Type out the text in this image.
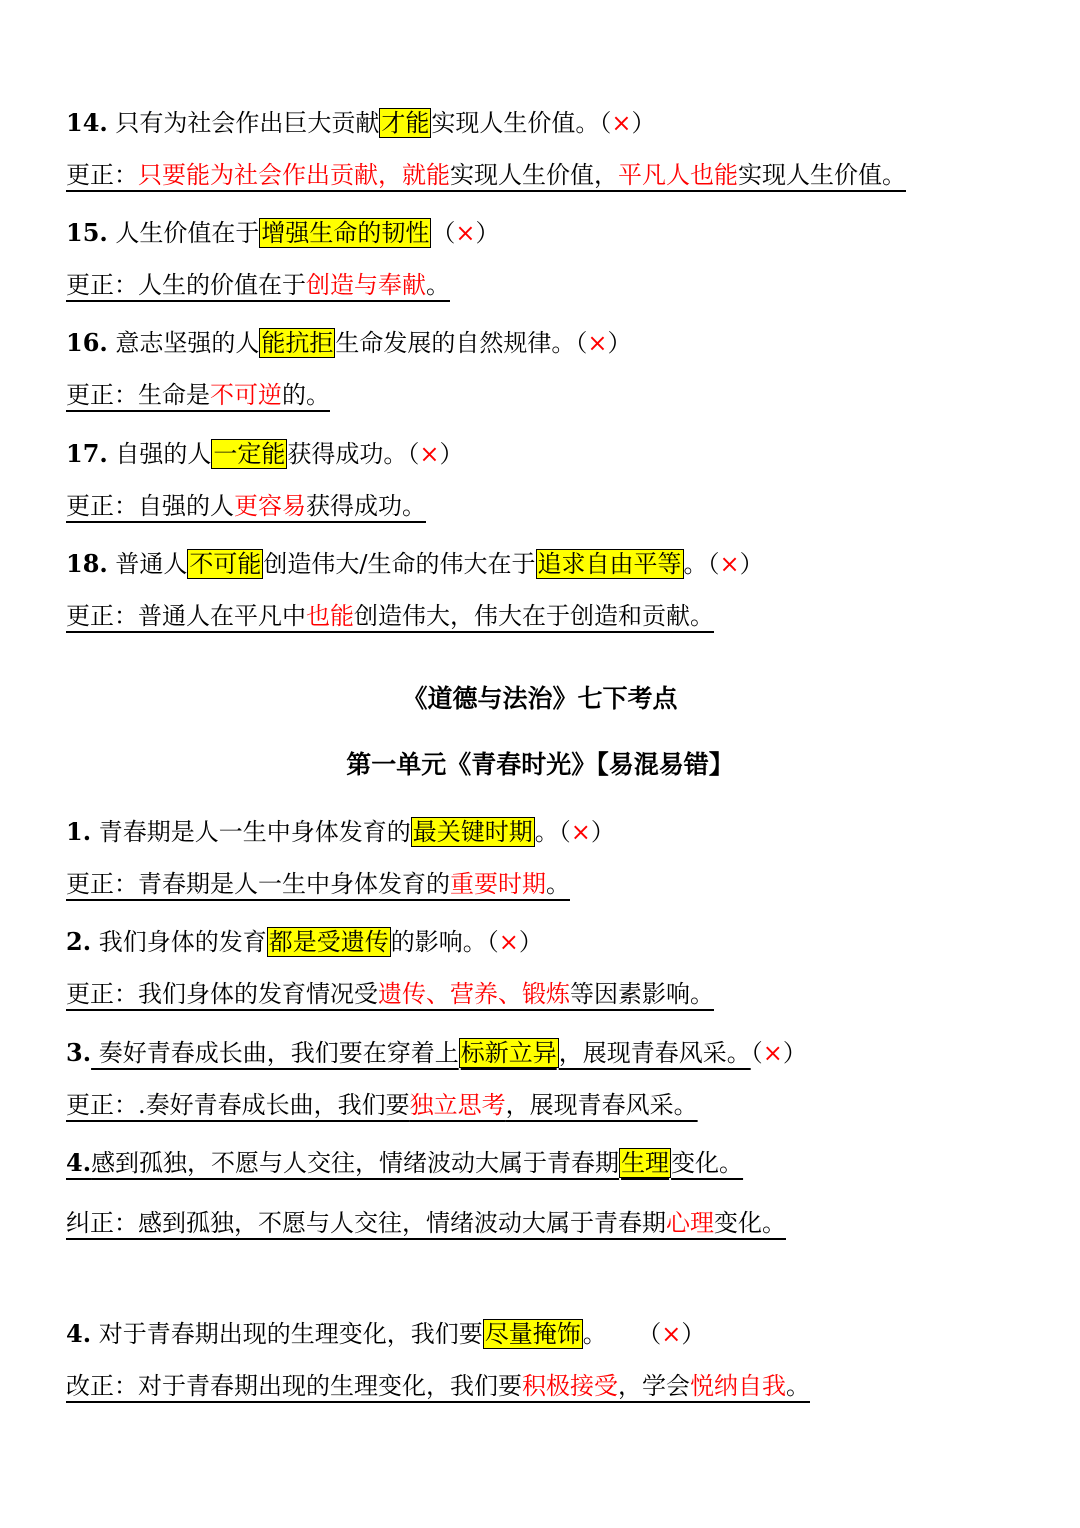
14. 只有为社会作出巨大贡献才能实现人生价值。（×）
更正：只要能为社会作出贡献，就能实现人生价值，平凡人也能实现人生价值。
15. 人生价值在于增强生命的韧性（×）
更正：人生的价值在于创造与奉献。
16. 意志坚强的人能抗拒生命发展的自然规律。（×）
更正：生命是不可逆的。
17. 自强的人一定能获得成功。（×）
更正：自强的人更容易获得成功。
18. 普通人不可能创造伟大/生命的伟大在于追求自由平等。（×）
更正：普通人在平凡中也能创造伟大，伟大在于创造和贡献。
《道德与法治》七下考点
第一单元《青春时光》【易混易错】
1. 青春期是人一生中身体发育的最关键时期。（×）
更正：青春期是人一生中身体发育的重要时期。
2. 我们身体的发育都是受遗传的影响。（×）
更正：我们身体的发育情况受遗传、营养、锻炼等因素影响。
3. 奏好青春成长曲，我们要在穿着上标新立异，展现青春风采。（×）
更正：.奏好青春成长曲，我们要独立思考，展现青春风采。
4.感到孤独，不愿与人交往，情绪波动大属于青春期生理变化。
纠正：感到孤独，不愿与人交往，情绪波动大属于青春期心理变化。
4. 对于青春期出现的生理变化，我们要尽量掩饰。 （×）
改正：对于青春期出现的生理变化，我们要积极接受，学会悦纳自我。
